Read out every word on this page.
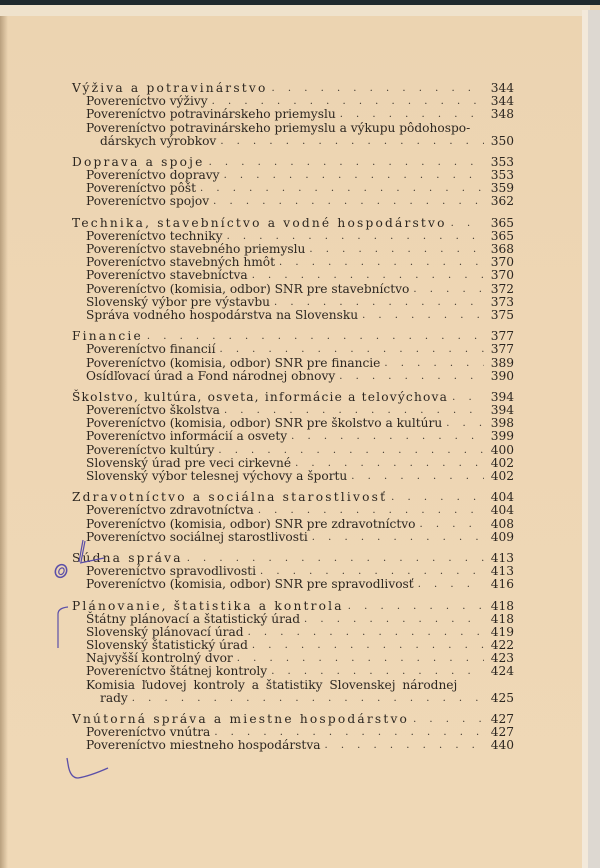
Výživa a potravinárstvo . . .	344
Povereníctvo výživy . . .	344
Povereníctvo potravinárskeho priemyslu . . .	348
Povereníctvo potravinárskeho priemyslu a výkupu pôdohospo-
dárskych výrobkov . . .	350
Doprava a spoje . . .	353
Povereníctvo dopravy . . .	353
Povereníctvo pôšt . . .	359
Povereníctvo spojov . . .	362
Technika, stavebníctvo a vodné hospodárstvo . . .	365
Povereníctvo techniky . . .	365
Povereníctvo stavebného priemyslu . . .	368
Povereníctvo stavebných hmôt . . .	370
Povereníctvo stavebníctva . . .	370
Povereníctvo (komisia, odbor) SNR pre stavebníctvo . . .	372
Slovenský výbor pre výstavbu . . .	373
Správa vodného hospodárstva na Slovensku . . .	375
Financie . . .	377
Povereníctvo financií . . .	377
Povereníctvo (komisia, odbor) SNR pre financie . . .	389
Osídľovací úrad a Fond národnej obnovy . . .	390
Školstvo, kultúra, osveta, informácie a telovýchova . . .	394
Povereníctvo školstva . . .	394
Povereníctvo (komisia, odbor) SNR pre školstvo a kultúru . . .	398
Povereníctvo informácií a osvety . . .	399
Povereníctvo kultúry . . .	400
Slovenský úrad pre veci cirkevné . . .	402
Slovenský výbor telesnej výchovy a športu . . .	402
Zdravotníctvo a sociálna starostlivosť . . .	404
Povereníctvo zdravotníctva . . .	404
Povereníctvo (komisia, odbor) SNR pre zdravotníctvo . . .	408
Povereníctvo sociálnej starostlivosti . . .	409
Súdna správa . . .	413
Povereníctvo spravodlivosti . . .	413
Povereníctvo (komisia, odbor) SNR pre spravodlivosť . . .	416
Plánovanie, štatistika a kontrola . . .	418
Štátny plánovací a štatistický úrad . . .	418
Slovenský plánovací úrad . . .	419
Slovenský štatistický úrad . . .	422
Najvyšší kontrolný dvor . . .	423
Povereníctvo štátnej kontroly . . .	424
Komisia ľudovej kontroly a štatistiky Slovenskej národnej
rady . . .	425
Vnútorná správa a miestne hospodárstvo . . .	427
Povereníctvo vnútra . . .	427
Povereníctvo miestneho hospodárstva . . .	440
